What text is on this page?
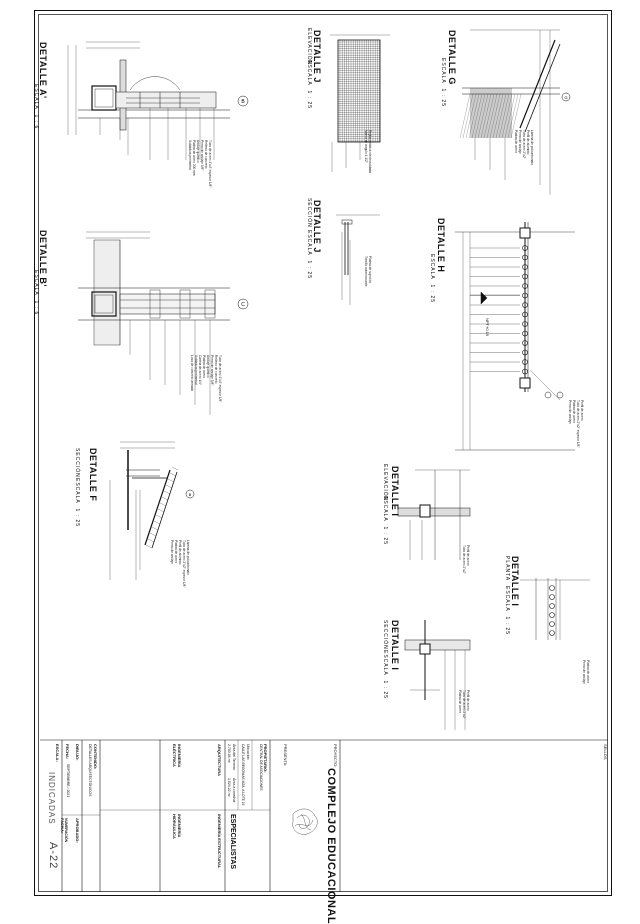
B
C
B
G
DETALLE A'
ESCALA  1 : 6
DETALLE B'
ESCALA  1 : 6
DETALLE J
ELEVACIÓN
ESCALA  1 : 25
DETALLE J
SECCIÓN
ESCALA  1 : 25
DETALLE G
ESCALA  1 : 25
DETALLE H
ESCALA  1 : 25
DETALLE F
SECCIÓN
ESCALA  1 : 25
DETALLE I
ELEVACIÓN
ESCALA  1 : 25
DETALLE I
PLANTA
ESCALA  1 : 25
DETALLE I
SECCIÓN
ESCALA  1 : 25
NPT+0.15
Tubo de acero 4"x4" espesor 1/8"
Relleno de concreto
Perno de anclaje 5/8"
Anclaje químico
Platina de acero 300 mm
Soldadura perimetral
Tubo de acero 4"x4" espesor 1/8"
Relleno de concreto
Perno de anclaje 5/8"
Anclaje químico
Platina de acero
Cartela de acero 1/4"
Soldadura perimetral
Losa de concreto armado
Rejilla metálica electrosoldada
Marco de ángulo 1 1/2"
Platina de sujeción
Tornillo autorroscante
Lámina de policarbonato
Perfil de aluminio
Tubo de acero 2"x2"
Perno de anclaje
Platina de acero
Perfil de acero
Tubo de acero 2"x2" espesor 1/8"
Platina de acero
Perno de anclaje
Lámina de policarbonato
Tubo de acero 2"x2" espesor 1/8"
Perfil de aluminio
Platina de acero
Perno de anclaje	Perfil de acero
Tubo de acero 2"x2"
Platina de acero
Perno de anclaje
Perfil de acero
Tubo de acero 2"x2"
Platina de acero
SELLOS
PROYECTO:
COMPLEJO EDUCACIONAL
PRESENTA:
PROPIETARIO:
CENTRAL DE ASOCIACIONES
Ubicación:
CALLE LAS BEGONIAS MZA. A LOTE 15
Área del Terreno
2,703.04 m²
Área a construir
1,024.22 m²
ESPECIALISTAS
ARQUITECTURA
INGENIERÍA ESTRUCTURAL
INGENIERÍA ELÉCTRICA
INGENIERÍA HIDRÁULICA
CONTENIDO:
DETALLES ARQUITECTÓNICOS
DIBUJO:
APROBADO:
FECHA:
SEPTIEMBRE / 2021
ESCALA:
INDICADAS
NUMERACIÓN PÁGINA:
A-22
